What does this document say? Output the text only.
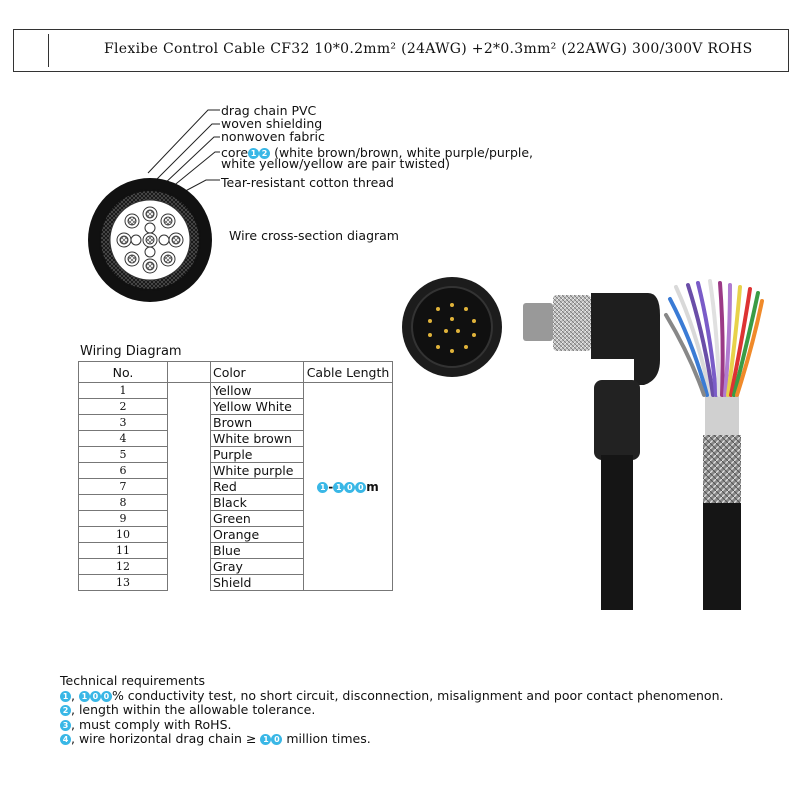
Flexibe Control Cable CF32 10*0.2mm² (24AWG) +2*0.3mm² (22AWG) 300/300V ROHS
drag chain PVC
woven shielding
nonwoven fabric
core 1 2 (white brown/brown, white purple/purple,
white yellow/yellow are pair twisted)
Tear-resistant cotton thread
Wire cross-section diagram
Wiring Diagram
No.		Color	Cable Length
1		Yellow	1 - 1 0 0 m
2		Yellow White	
3		Brown	
4		White brown	
5		Purple	
6		White purple	
7		Red	
8		Black	
9		Green	
10		Orange	
11		Blue	
12		Gray	
13		Shield	
Technical requirements
1 , 1 0 0 % conductivity test, no short circuit, disconnection, misalignment and poor contact phenomenon.
2 , length within the allowable tolerance.
3 , must comply with RoHS.
4 , wire horizontal drag chain ≥ 1 0 million times.
